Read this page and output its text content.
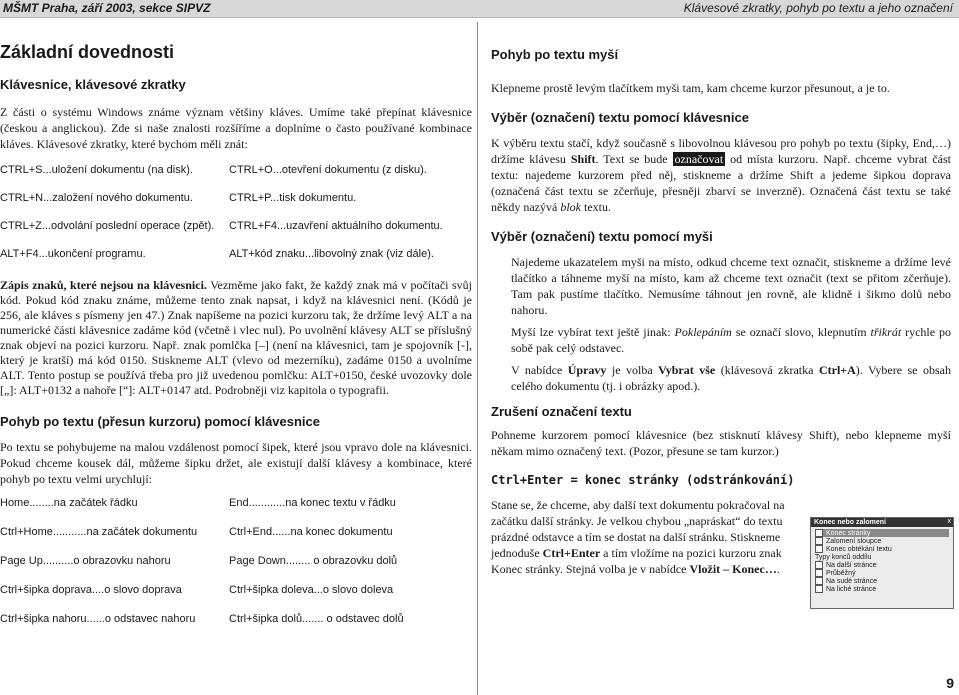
MŠMT Praha, září 2003, sekce SIPVZ	Klávesové zkratky, pohyb po textu a jeho označení
Základní dovednosti
Klávesnice, klávesové zkratky

Z části o systému Windows známe význam většiny kláves. Umíme také přepínat klávesnice (českou a anglickou). Zde si naše znalosti rozšíříme a doplníme o často používané kombinace kláves. Klávesové zkratky, které bychom měli znát:

CTRL+S...uložení dokumentu (na disk).	CTRL+O...otevření dokumentu (z disku).
CTRL+N...založení nového dokumentu.	CTRL+P...tisk dokumentu.
CTRL+Z...odvolání poslední operace (zpět).	CTRL+F4...uzavření aktuálního dokumentu.
ALT+F4...ukončení programu.	ALT+kód znaku...libovolný znak (viz dále).

Zápis znaků, které nejsou na klávesnici. Vezměme jako fakt, že každý znak má v počítači svůj kód. Pokud kód znaku známe, můžeme tento znak napsat, i když na klávesnici není. (Kódů je 256, ale kláves s písmeny jen 47.) Znak napíšeme na pozici kurzoru tak, že držíme levý ALT a na numerické části klávesnice zadáme kód (včetně i vlec nul). Po uvolnění klávesy ALT se příslušný znak objeví na pozici kurzoru. Např. znak pomlčka [–] (není na klávesnici, tam je spojovník [-], který je kratší) má kód 0150. Stiskneme ALT (vlevo od mezerníku), zadáme 0150 a uvolníme ALT. Tento postup se používá třeba pro již uvedenou pomlčku: ALT+0150, české uvozovky dole [„]: ALT+0132 a nahoře [“]: ALT+0147 atd. Podrobněji viz kapitola o typografii.

Pohyb po textu (přesun kurzoru) pomocí klávesnice

Po textu se pohybujeme na malou vzdálenost pomocí šipek, které jsou vpravo dole na klávesnici. Pokud chceme kousek dál, můžeme šipku držet, ale existují další klávesy a kombinace, které pohyb po textu velmi urychlují:

Home........na začátek řádku	End............na konec textu v řádku
Ctrl+Home...........na začátek dokumentu	Ctrl+End......na konec dokumentu
Page Up..........o obrazovku nahoru	Page Down........ o obrazovku dolů
Ctrl+šipka doprava....o slovo doprava	Ctrl+šipka doleva...o slovo doleva
Ctrl+šipka nahoru......o odstavec nahoru	Ctrl+šipka dolů....... o odstavec dolů
Pohyb po textu myší

Klepneme prostě levým tlačítkem myši tam, kam chceme kurzor přesunout, a je to.

Výběr (označení) textu pomocí klávesnice

K výběru textu stačí, když současně s libovolnou klávesou pro pohyb po textu (šipky, End,…) držíme klávesu Shift. Text se bude označovat od místa kurzoru. Např. chceme vybrat část textu: najedeme kurzorem před něj, stiskneme a držíme Shift a jedeme šipkou doprava (označená část textu se zčerňuje, přesněji zbarví se inverzně). Označená část textu se také někdy nazývá blok textu.

Výběr (označení) textu pomocí myši
Najedeme ukazatelem myši na místo, odkud chceme text označit, stiskneme a držíme levé tlačítko a táhneme myší na místo, kam až chceme text označit (text se přitom zčerňuje). Tam pak pustíme tlačítko. Nemusíme táhnout jen rovně, ale klidně i šikmo dolů nebo nahoru.
Myší lze vybírat text ještě jinak: Poklepáním se označí slovo, klepnutím třikrát rychle po sobě pak celý odstavec.
V nabídce Úpravy je volba Vybrat vše (klávesová zkratka Ctrl+A). Vybere se obsah celého dokumentu (tj. i obrázky apod.).
Zrušení označení textu

Pohneme kurzorem pomocí klávesnice (bez stisknutí klávesy Shift), nebo klepneme myší někam mimo označený text. (Pozor, přesune se tam kurzor.)

Ctrl+Enter = konec stránky (odstránkování)

Stane se, že chceme, aby další text dokumentu pokračoval na začátku další stránky. Je velkou chybou „napráskat“ do textu prázdné odstavce a tím se dostat na další stránku. Stiskneme jednoduše Ctrl+Enter a tím vložíme na pozici kurzoru znak Konec stránky. Stejná volba je v nabídce Vložit – Konec….

Konec nebo zalomení	x
Konec stránky
Zalomení sloupce
Konec obtékání textu
Typy konců oddílu
Na další stránce
Průběžný
Na sudé stránce
Na liché stránce
9
